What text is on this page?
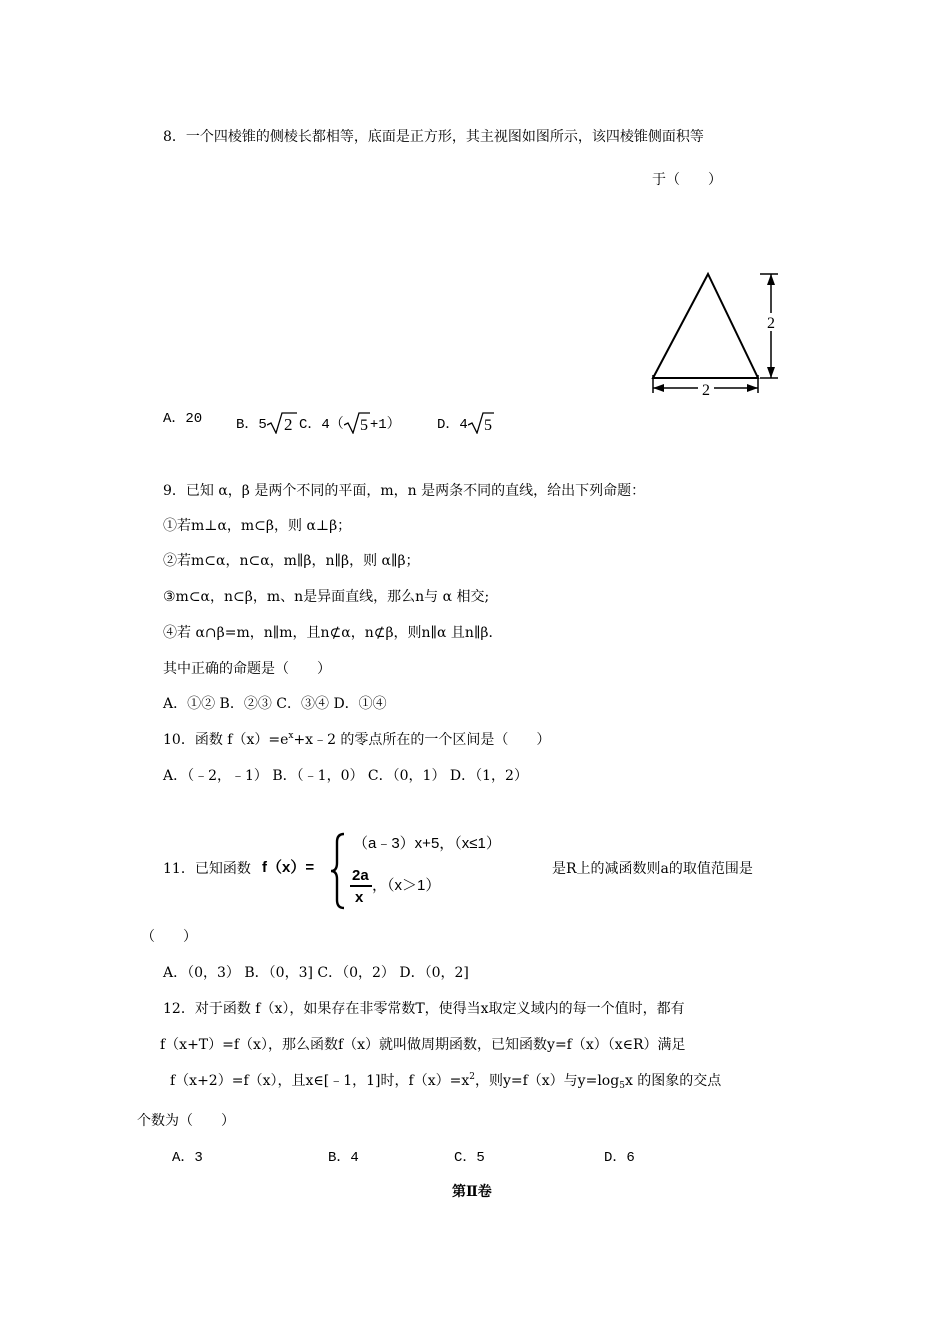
8．一个四棱锥的侧棱长都相等，底面是正方形，其主视图如图所示，该四棱锥侧面积等
于（　　）
2
2
A．20 B．5 2 C．4（ 5 +1）	D．4 5
9．已知 α，β 是两个不同的平面，m，n 是两条不同的直线，给出下列命题：
①若m⊥α，m⊂β，则 α⊥β；
②若m⊂α，n⊂α，m∥β，n∥β，则 α∥β；
③m⊂α，n⊂β，m、n是异面直线，那么n与 α 相交;
④若 α∩β=m，n∥m，且n⊄α，n⊄β，则n∥α 且n∥β．
其中正确的命题是（　　）
A．①② B．②③ C．③④ D．①④
10．函数 $f(x)=e^x+x﹣2$ 的零点所在的一个区间是（　　）
A．（﹣2，﹣1） B．（﹣1，0） C．（0，1） D．（1，2）
11．已知函数 f（x）=
（a﹣3）x+5，（x≤1）
2a
x
，（x＞1）
是R上的减函数则a的取值范围是
（　　）
A．（0，3） B．（0，3] C．（0，2） D．（0，2]
12．对于函数 f（x），如果存在非零常数T，使得当x取定义域内的每一个值时，都有
f（x+T）=f（x），那么函数f（x）就叫做周期函数，已知函数y=f（x）（x∈R）满足
f（x+2）=f（x），且x∈[﹣1，1]时，$f(x)=x^2$，则y=f（x）与$y=\log_5x$ 的图象的交点
个数为（　　）
A．3	B．4	C．5	D．6
第Ⅱ卷
